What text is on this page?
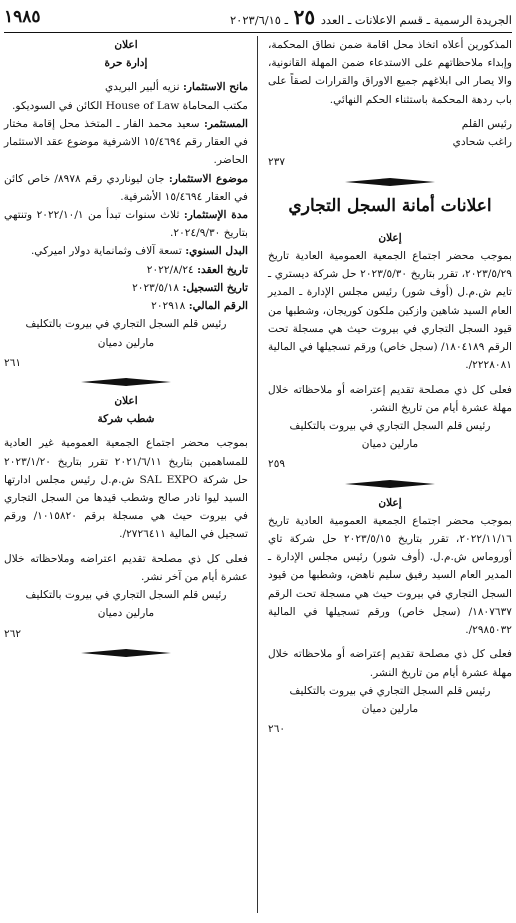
الجريدة الرسمية ـ قسم الاعلانات ـ العدد ٢٥ ـ ٢٠٢٣/٦/١٥
١٩٨٥

المذكورين أعلاه اتخاذ محل اقامة ضمن نطاق المحكمة، وإبداء ملاحظاتهم على الاستدعاء ضمن المهلة القانونية، والا يصار الى ابلاغهم جميع الاوراق والقرارات لصقاً على باب ردهة المحكمة باستثناء الحكم النهائي.

رئيس القلم

راغب شحادي

٢٣٧
اعلانات أمانة السجل التجاري
إعلان

بموجب محضر اجتماع الجمعية العمومية العادية تاريخ ٢٠٢٣/٥/٢٩، تقرر بتاريخ ٢٠٢٣/٥/٣٠ حل شركة ديستري ـ تايم ش.م.ل (أوف شور) رئيس مجلس الإدارة ـ المدير العام السيد شاهين وازكين ملكون كوريجان، وشطبها من قيود السجل التجاري في بيروت حيث هي مسجلة تحت الرقم ١٨٠٤١٨٩/ (سجل خاص) ورقم تسجيلها في المالية ٢٢٢٨٠٨١/.

فعلى كل ذي مصلحة تقديم إعتراضه أو ملاحظاته خلال مهلة عشرة أيام من تاريخ النشر.

رئيس قلم السجل التجاري في بيروت بالتكليف

مارلين دميان

٢٥٩
إعلان

بموجب محضر اجتماع الجمعية العمومية العادية تاريخ ٢٠٢٢/١١/١٦، تقرر بتاريخ ٢٠٢٣/٥/١٥ حل شركة تاي أوروماس ش.م.ل. (أوف شور) رئيس مجلس الإدارة ـ المدير العام السيد رفيق سليم ناهض، وشطبها من قيود السجل التجاري في بيروت حيث هي مسجلة تحت الرقم ١٨٠٧٦٣٧/ (سجل خاص) ورقم تسجيلها في المالية ٢٩٨٥٠٣٢/.

فعلى كل ذي مصلحة تقديم إعتراضه أو ملاحظاته خلال مهلة عشرة أيام من تاريخ النشر.

رئيس قلم السجل التجاري في بيروت بالتكليف

مارلين دميان

٢٦٠
اعلان
إدارة حرة

مانح الاستثمار: نزيه ألبير البريدي

مكتب المحاماة House of Law الكائن في السوديكو.

المستثمر: سعيد محمد الفار ـ المتخذ محل إقامة مختار في العقار رقم ١٥/٤٦٩٤ الاشرفية موضوع عقد الاستثمار الحاضر.

موضوع الاستثمار: جان ليوناردي رقم ٨٩٧٨/ خاص كائن في العقار ١٥/٤٦٩٤ الأشرفية.

مدة الإستثمار: ثلاث سنوات تبدأ من ٢٠٢٢/١٠/١ وتنتهي بتاريخ ٢٠٢٤/٩/٣٠.

البدل السنوي: تسعة آلاف وثمانماية دولار اميركي.

تاريخ العقد: ٢٠٢٢/٨/٢٤

تاريخ التسجيل: ٢٠٢٣/٥/١٨

الرقم المالي: ٢٠٢٩١٨

رئيس قلم السجل التجاري في بيروت بالتكليف

مارلين دميان

٢٦١
اعلان
شطب شركة

بموجب محضر اجتماع الجمعية العمومية غير العادية للمساهمين بتاريخ ٢٠٢١/٦/١١ تقرر بتاريخ ٢٠٢٣/١/٢٠ حل شركة SAL EXPO ش.م.ل رئيس مجلس ادارتها السيد ليوا نادر صالح وشطب قيدها من السجل التجاري في بيروت حيث هي مسجلة برقم ١٠١٥٨٢٠/ ورقم تسجيل في المالية ٢٧٢٦٤١١/.

فعلى كل ذي مصلحة تقديم اعتراضه وملاحظاته خلال عشرة أيام من آخر نشر.

رئيس قلم السجل التجاري في بيروت بالتكليف

مارلين دميان

٢٦٢
